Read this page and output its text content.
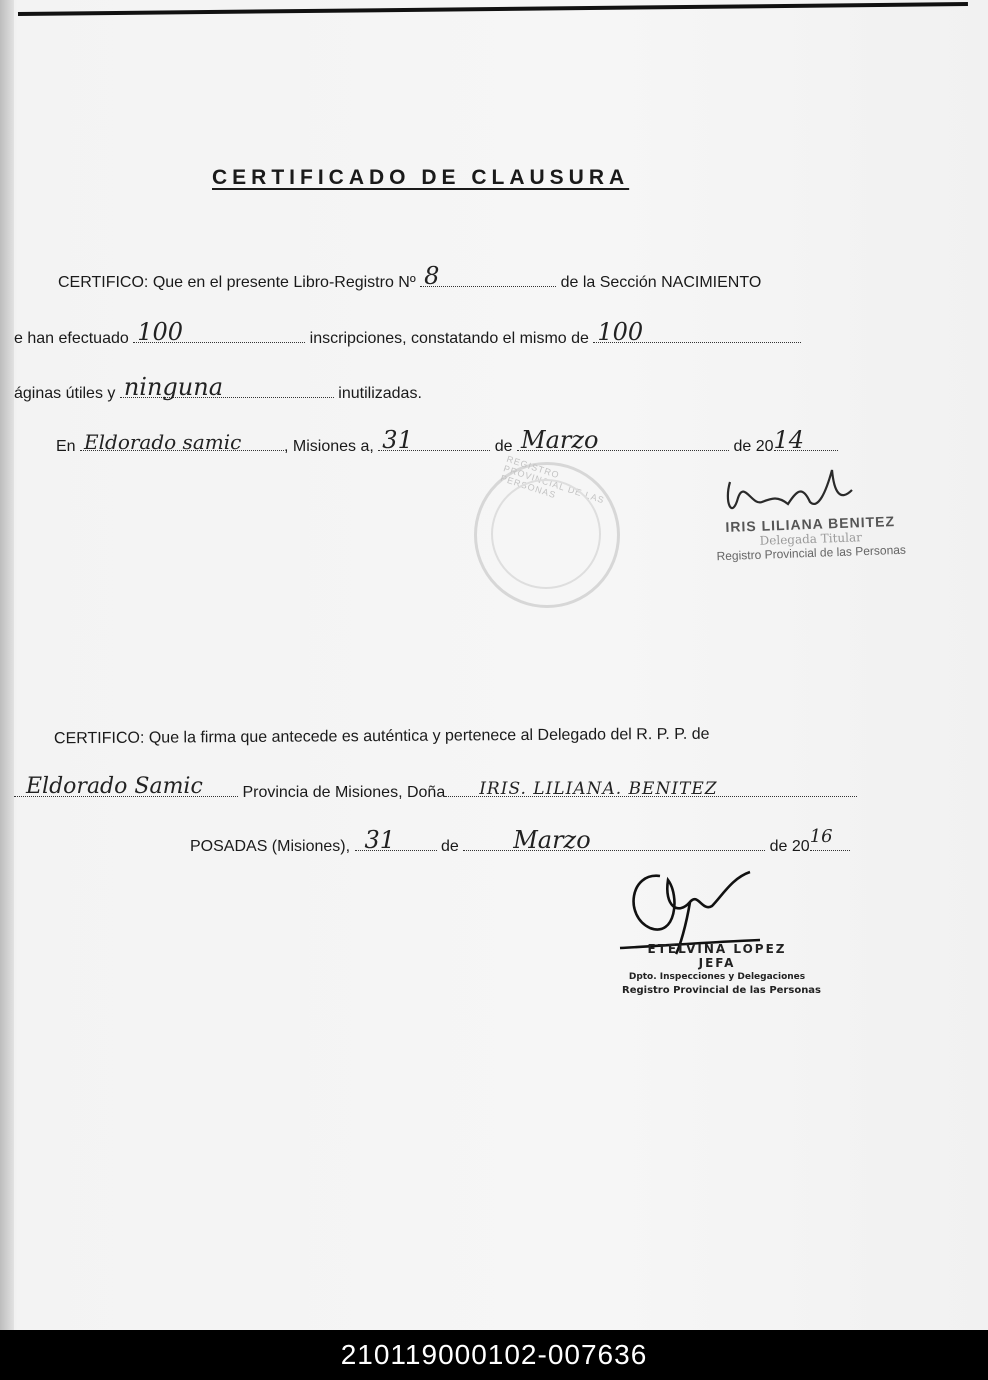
CERTIFICADO DE CLAUSURA
CERTIFICO: Que en el presente Libro-Registro Nº 8	de la Sección NACIMIENTO
e han efectuado 100	inscripciones, constatando el mismo de 100
áginas útiles y ninguna	inutilizadas.
En Eldorado samic	, Misiones a, 31	de Marzo	de 20 14
REGISTRO PROVINCIAL DE LAS PERSONAS
IRIS LILIANA BENITEZ
Delegada Titular
Registro Provincial de las Personas
CERTIFICO: Que la firma que antecede es auténtica y pertenece al Delegado del R. P. P. de
Eldorado Samic Provincia de Misiones, Doña IRIS. LILIANA. BENITEZ
POSADAS (Misiones), 31	de Marzo	de 20 16
ETELVINA LOPEZ
JEFA
Dpto. Inspecciones y Delegaciones
Registro Provincial de las Personas
210119000102-007636
